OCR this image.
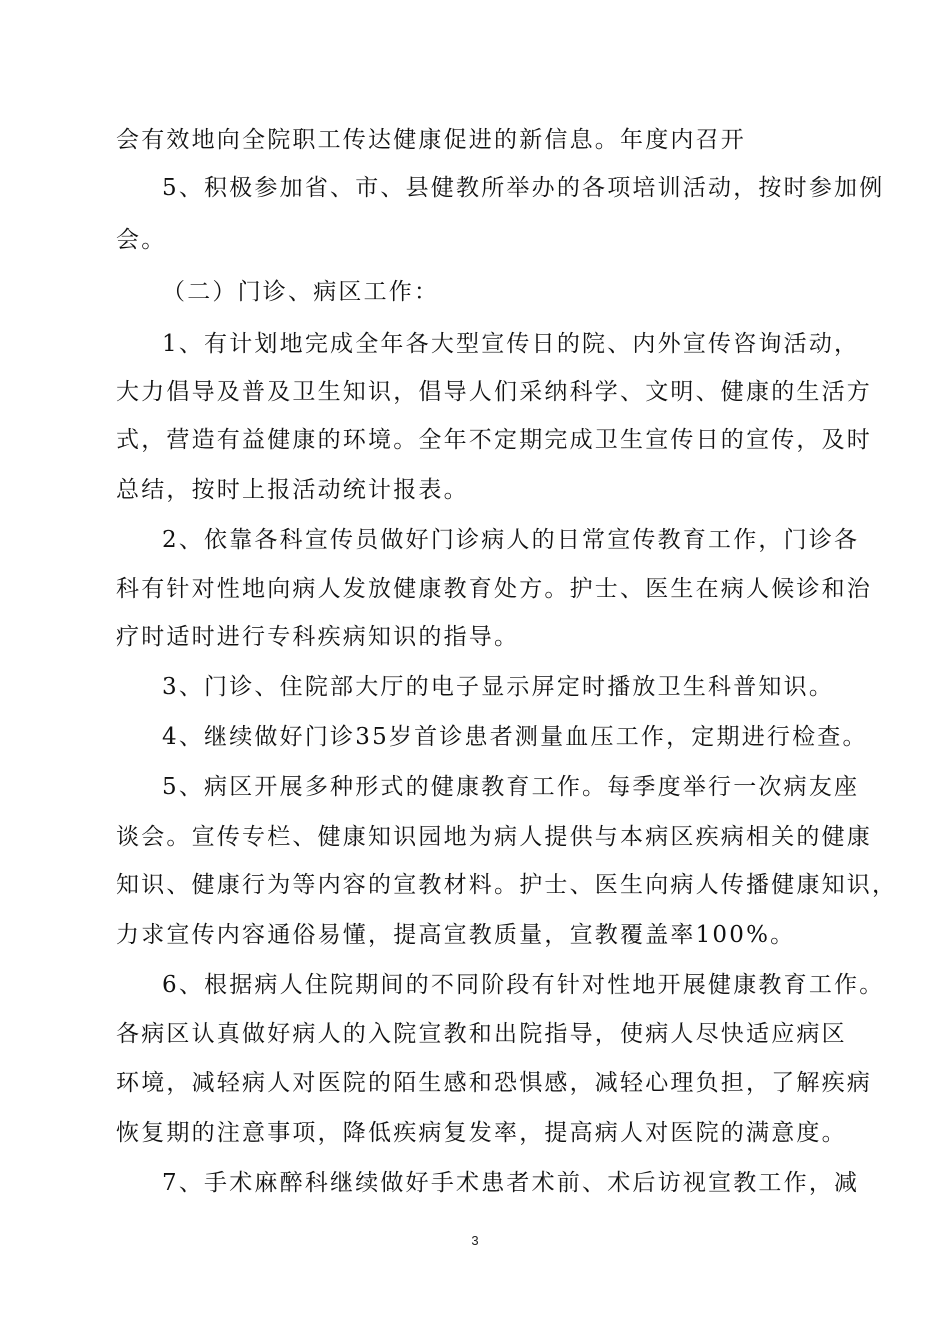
会有效地向全院职工传达健康促进的新信息。年度内召开
5、积极参加省、市、县健教所举办的各项培训活动，按时参加例
会。
（二）门诊、病区工作：
1、有计划地完成全年各大型宣传日的院、内外宣传咨询活动，
大力倡导及普及卫生知识，倡导人们采纳科学、文明、健康的生活方
式，营造有益健康的环境。全年不定期完成卫生宣传日的宣传，及时
总结，按时上报活动统计报表。
2、依靠各科宣传员做好门诊病人的日常宣传教育工作，门诊各
科有针对性地向病人发放健康教育处方。护士、医生在病人候诊和治
疗时适时进行专科疾病知识的指导。
3、门诊、住院部大厅的电子显示屏定时播放卫生科普知识。
4、继续做好门诊35岁首诊患者测量血压工作，定期进行检查。
5、病区开展多种形式的健康教育工作。每季度举行一次病友座
谈会。宣传专栏、健康知识园地为病人提供与本病区疾病相关的健康
知识、健康行为等内容的宣教材料。护士、医生向病人传播健康知识，
力求宣传内容通俗易懂，提高宣教质量，宣教覆盖率100%。
6、根据病人住院期间的不同阶段有针对性地开展健康教育工作。
各病区认真做好病人的入院宣教和出院指导，使病人尽快适应病区
环境，减轻病人对医院的陌生感和恐惧感，减轻心理负担，了解疾病
恢复期的注意事项，降低疾病复发率，提高病人对医院的满意度。
7、手术麻醉科继续做好手术患者术前、术后访视宣教工作，减
3
